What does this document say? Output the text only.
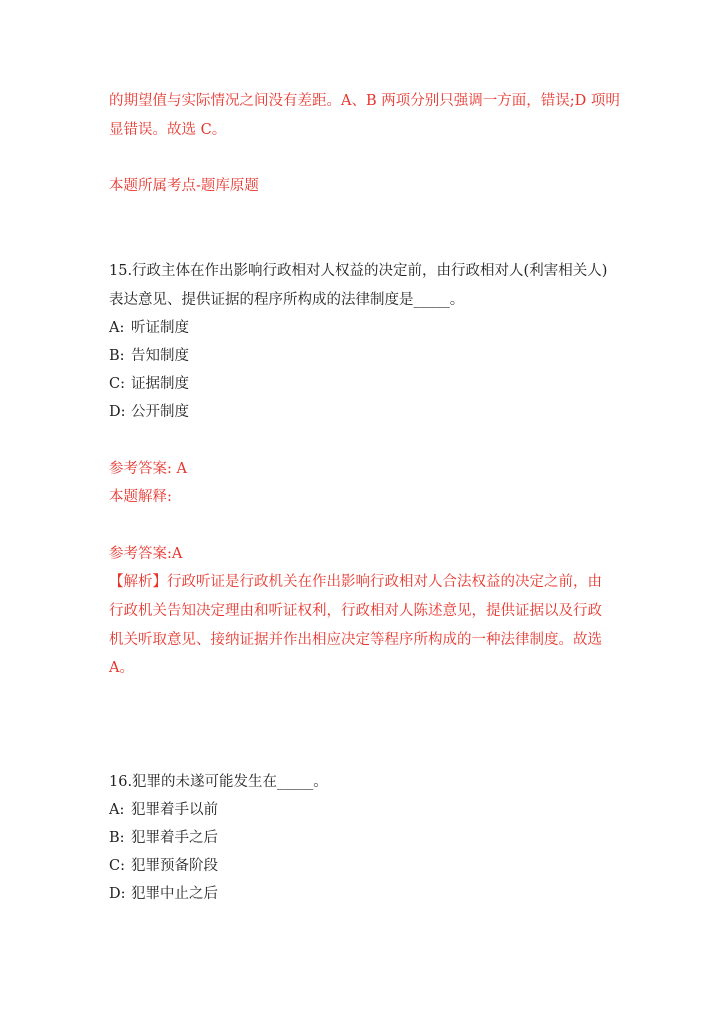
的期望值与实际情况之间没有差距。A、B 两项分别只强调一方面，错误;D 项明
显错误。故选 C。
本题所属考点-题库原题
15.行政主体在作出影响行政相对人权益的决定前，由行政相对人(利害相关人)
表达意见、提供证据的程序所构成的法律制度是_____。
A: 听证制度
B: 告知制度
C: 证据制度
D: 公开制度
参考答案: A
本题解释:
参考答案:A
【解析】行政听证是行政机关在作出影响行政相对人合法权益的决定之前，由
行政机关告知决定理由和听证权利，行政相对人陈述意见，提供证据以及行政
机关听取意见、接纳证据并作出相应决定等程序所构成的一种法律制度。故选
A。
16.犯罪的未遂可能发生在_____。
A: 犯罪着手以前
B: 犯罪着手之后
C: 犯罪预备阶段
D: 犯罪中止之后
